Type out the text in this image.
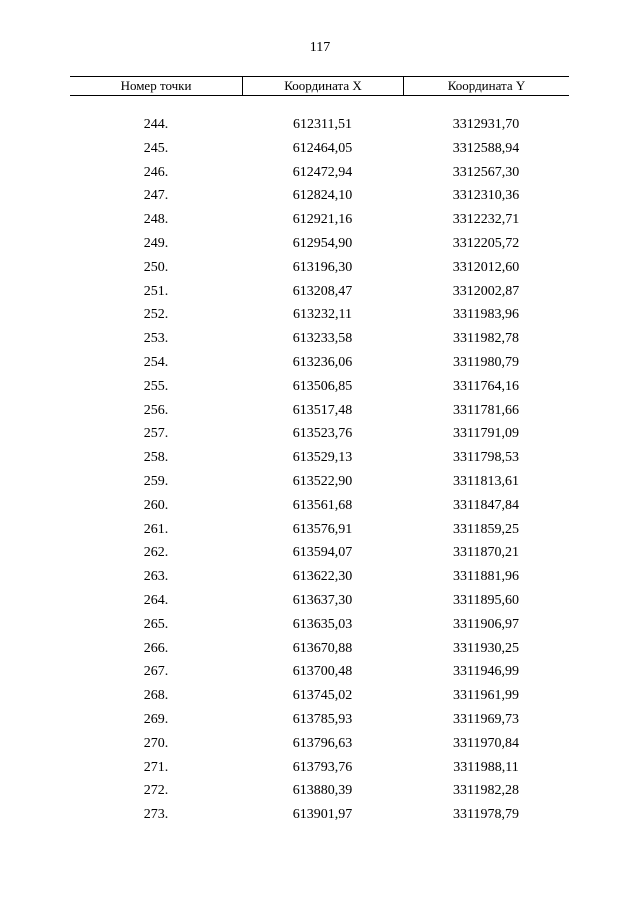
117
Номер точки	Координата X	Координата Y
244.	612311,51	3312931,70
245.	612464,05	3312588,94
246.	612472,94	3312567,30
247.	612824,10	3312310,36
248.	612921,16	3312232,71
249.	612954,90	3312205,72
250.	613196,30	3312012,60
251.	613208,47	3312002,87
252.	613232,11	3311983,96
253.	613233,58	3311982,78
254.	613236,06	3311980,79
255.	613506,85	3311764,16
256.	613517,48	3311781,66
257.	613523,76	3311791,09
258.	613529,13	3311798,53
259.	613522,90	3311813,61
260.	613561,68	3311847,84
261.	613576,91	3311859,25
262.	613594,07	3311870,21
263.	613622,30	3311881,96
264.	613637,30	3311895,60
265.	613635,03	3311906,97
266.	613670,88	3311930,25
267.	613700,48	3311946,99
268.	613745,02	3311961,99
269.	613785,93	3311969,73
270.	613796,63	3311970,84
271.	613793,76	3311988,11
272.	613880,39	3311982,28
273.	613901,97	3311978,79
